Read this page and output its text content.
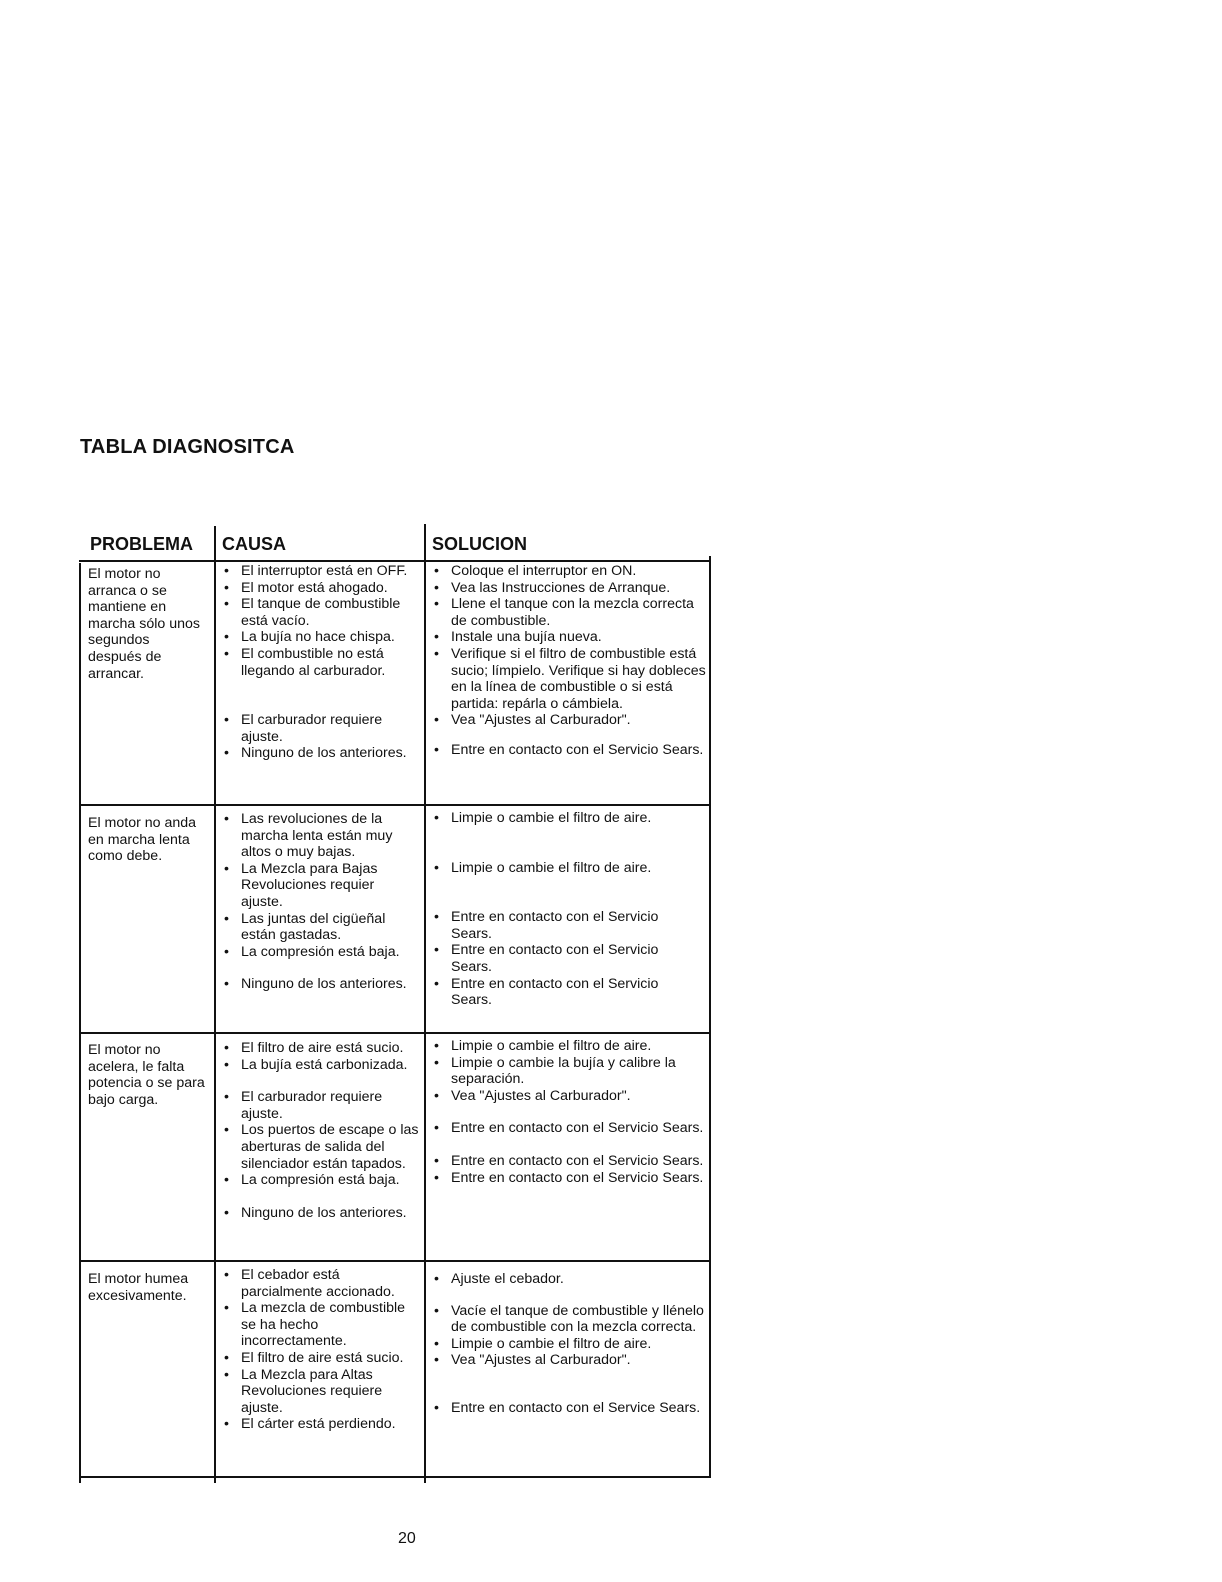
TABLA DIAGNOSITCA
PROBLEMA CAUSA	SOLUCION
El motor no arranca o se mantiene en marcha sólo unos segundos después de arrancar.
• El interruptor está en OFF.
• El motor está ahogado.
• El tanque de combustible está vacío.
• La bujía no hace chispa.
• El combustible no está llegando al carburador.
• El carburador requiere ajuste.
• Ninguno de los anteriores.
• Coloque el interruptor en ON.
• Vea las Instrucciones de Arranque.
• Llene el tanque con la mezcla correcta de combustible.
• Instale una bujía nueva.
• Verifique si el filtro de combustible está sucio; límpielo. Verifique si hay dobleces en la línea de combustible o si está partida: repárla o cámbiela.
• Vea "Ajustes al Carburador".
• Entre en contacto con el Servicio Sears.
El motor no anda en marcha lenta como debe.
• Las revoluciones de la marcha lenta están muy altos o muy bajas.
• La Mezcla para Bajas Revoluciones requier ajuste.
• Las juntas del cigüeñal están gastadas.
• La compresión está baja.
• Ninguno de los anteriores.
• Limpie o cambie el filtro de aire.
• Limpie o cambie el filtro de aire.
• Entre en contacto con el Servicio Sears.
• Entre en contacto con el Servicio Sears.
• Entre en contacto con el Servicio Sears.
El motor no acelera, le falta potencia o se para bajo carga.
• El filtro de aire está sucio.
• La bujía está carbonizada.
• El carburador requiere ajuste.
• Los puertos de escape o las aberturas de salida del silenciador están tapados.
• La compresión está baja.
• Ninguno de los anteriores.
• Limpie o cambie el filtro de aire.
• Limpie o cambie la bujía y calibre la separación.
• Vea "Ajustes al Carburador".
• Entre en contacto con el Servicio Sears.
• Entre en contacto con el Servicio Sears.
• Entre en contacto con el Servicio Sears.
El motor humea excesivamente.
• El cebador está parcialmente accionado.
• La mezcla de combustible se ha hecho incorrectamente.
• El filtro de aire está sucio.
• La Mezcla para Altas Revoluciones requiere ajuste.
• El cárter está perdiendo.
• Ajuste el cebador.
• Vacíe el tanque de combustible y llénelo de combustible con la mezcla correcta.
• Limpie o cambie el filtro de aire.
• Vea "Ajustes al Carburador".
• Entre en contacto con el Service Sears.
20
